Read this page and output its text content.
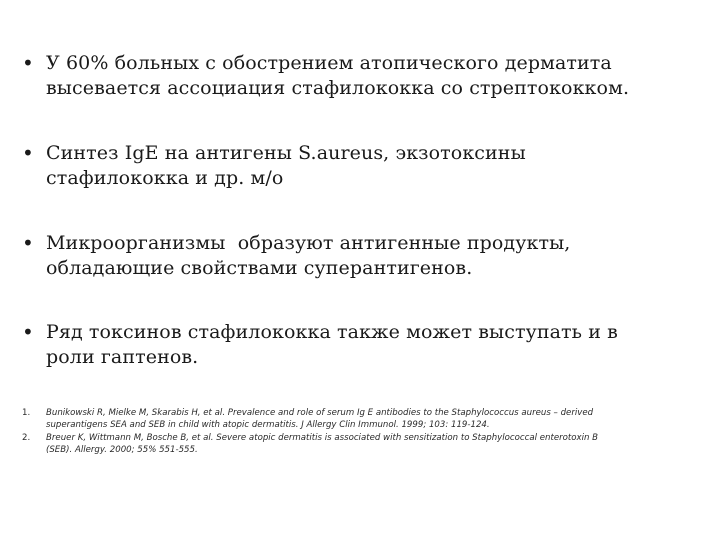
• У 60% больных с обострением атопического дерматита
высевается ассоциация стафилококка со стрептококком.
• Синтез IgE на антигены S.aureus, экзотоксины
стафилококка и др. м/о
• Микроорганизмы  образуют антигенные продукты,
обладающие свойствами суперантигенов.
• Ряд токсинов стафилококка также может выступать и в
роли гаптенов.
1.	Bunikowski R, Mielke M, Skarabis H, et al. Prevalence and role of serum Ig E antibodies to the Staphylococcus aureus – derived
superantigens SEA and SEB in child with atopic dermatitis. J Allergy Clin Immunol. 1999; 103: 119-124.
2.	Breuer K, Wittmann M, Bosche B, et al. Severe atopic dermatitis is associated with sensitization to Staphylococcal enterotoxin B
(SEB). Allergy. 2000; 55% 551-555.
